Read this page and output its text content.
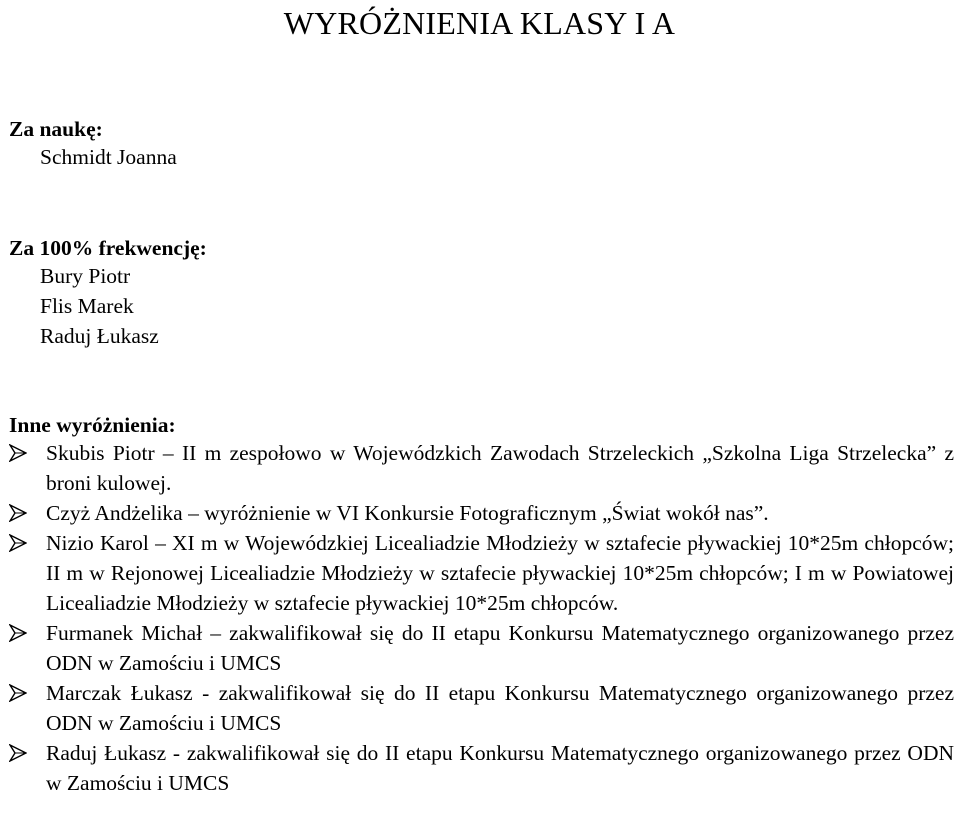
WYRÓŻNIENIA KLASY I A
Za naukę:
Schmidt Joanna
Za 100% frekwencję:
Bury Piotr
Flis Marek
Raduj Łukasz
Inne wyróżnienia:
Skubis Piotr – II m zespołowo w Wojewódzkich Zawodach Strzeleckich „Szkolna Liga Strzelecka” z broni kulowej.
Czyż Andżelika – wyróżnienie w VI Konkursie Fotograficznym „Świat wokół nas”.
Nizio Karol – XI m w Wojewódzkiej Licealiadzie Młodzieży w sztafecie pływackiej 10*25m chłopców; II m w Rejonowej Licealiadzie Młodzieży w sztafecie pływackiej 10*25m chłopców; I m w Powiatowej Licealiadzie Młodzieży w sztafecie pływackiej 10*25m chłopców.
Furmanek Michał – zakwalifikował się do II etapu Konkursu Matematycznego organizowanego przez ODN w Zamościu i UMCS
Marczak Łukasz - zakwalifikował się do II etapu Konkursu Matematycznego organizowanego przez ODN w Zamościu i UMCS
Raduj Łukasz - zakwalifikował się do II etapu Konkursu Matematycznego organizowanego przez ODN w Zamościu i UMCS
